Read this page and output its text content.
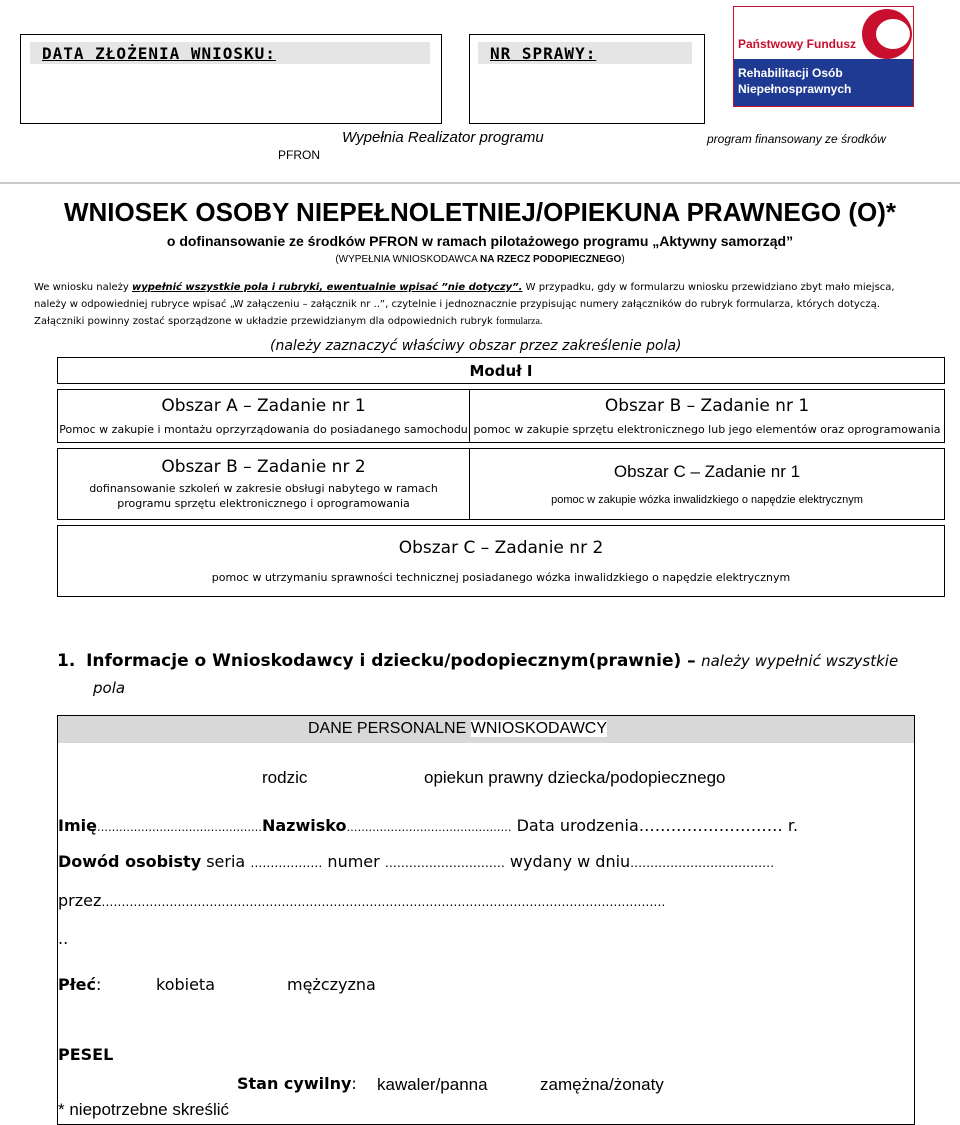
DATA ZŁOŻENIA WNIOSKU:	NR SPRAWY:	Państwowy Fundusz
Rehabilitacji Osób
Niepełnosprawnych
Wypełnia Realizator programu
PFRON
program finansowany ze środków
WNIOSEK OSOBY NIEPEŁNOLETNIEJ/OPIEKUNA PRAWNEGO (O)*
o dofinansowanie ze środków PFRON w ramach pilotażowego programu „Aktywny samorząd”
(WYPEŁNIA WNIOSKODAWCA NA RZECZ PODOPIECZNEGO)
We wniosku należy wypełnić wszystkie pola i rubryki, ewentualnie wpisać ”nie dotyczy”. W przypadku, gdy w formularzu wniosku przewidziano zbyt mało miejsca,
należy w odpowiedniej rubryce wpisać „W załączeniu – załącznik nr ..”, czytelnie i jednoznacznie przypisując numery załączników do rubryk formularza, których dotyczą.
Załączniki powinny zostać sporządzone w układzie przewidzianym dla odpowiednich rubryk formularza.
(należy zaznaczyć właściwy obszar przez zakreślenie pola )
Moduł I
Obszar A – Zadanie nr 1
Pomoc w zakupie i montażu oprzyrządowania do posiadanego samochodu
Obszar B – Zadanie nr 1
pomoc w zakupie sprzętu elektronicznego lub jego elementów oraz oprogramowania
Obszar B – Zadanie nr 2
dofinansowanie szkoleń w zakresie obsługi nabytego w ramach programu sprzętu elektronicznego i oprogramowania
Obszar C – Zadanie nr 1
pomoc w zakupie wózka inwalidzkiego o napędzie elektrycznym
Obszar C – Zadanie nr 2
pomoc w utrzymaniu sprawności technicznej posiadanego wózka inwalidzkiego o napędzie elektrycznym
1. Informacje o Wnioskodawcy i dziecku/podopiecznym(prawnie) – należy wypełnić wszystkie
pola
DANE PERSONALNE WNIOSKODAWCY
rodzic	opiekun prawny dziecka/podopiecznego
Imię………………………………………Nazwisko……………………………………… Data urodzenia……………………… r.
Dowód osobisty seria ……………… numer ………………………… wydany w dniu………………………………
przez……………………………………………………………………………………………………………………………
..
Płeć:	kobieta	mężczyzna
PESEL
Stan cywilny: kawaler/panna	zamężna/żonaty
* niepotrzebne skreślić
